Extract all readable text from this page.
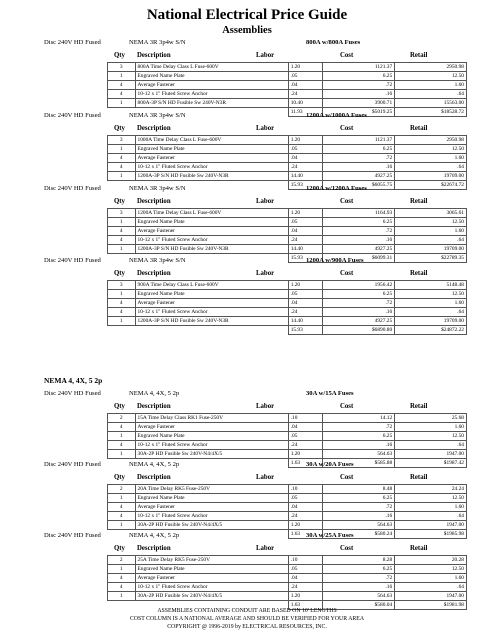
National Electrical Price Guide
Assemblies
Disc 240V HD Fused	NEMA 3R 3p4w S/N	800A w/800A Fuses
Qty Description	Labor	Cost	Retail
3	800A Time Delay Class L Fuse-600V	1.20	1121.37	2950.98
1	Engraved Name Plate	.05	6.25	12.50
4	Average Fastener	.04	.72	1.60
4	10-12 x 1" Fluted Screw Anchor	.24	.16	.64
1	800A-3P S/N HD Fusible Sw 240V-N3R	10.40	3900.71	15563.00
		11.93	$5019.25	$18528.72
Disc 240V HD Fused	NEMA 3R 3p4w S/N	1200A w/1000A Fuses
Qty Description	Labor	Cost	Retail
3	1000A Time Delay Class L Fuse-600V	1.20	1121.37	2950.98
1	Engraved Name Plate	.05	6.25	12.50
4	Average Fastener	.04	.72	1.60
4	10-12 x 1" Fluted Screw Anchor	.24	.16	.64
1	1200A-3P S/N HD Fusible Sw 240V-N3R	14.40	4927.25	19709.00
		15.93	$6055.75	$22674.72
Disc 240V HD Fused	NEMA 3R 3p4w S/N	1200A w/1200A Fuses
Qty Description	Labor	Cost	Retail
3	1200A Time Delay Class L Fuse-600V	1.20	1164.93	3065.61
1	Engraved Name Plate	.05	6.25	12.50
4	Average Fastener	.04	.72	1.60
4	10-12 x 1" Fluted Screw Anchor	.24	.16	.64
1	1200A-3P S/N HD Fusible Sw 240V-N3R	14.40	4927.25	19709.00
		15.93	$6099.31	$22789.35
Disc 240V HD Fused	NEMA 3R 3p4w S/N	1200A w/900A Fuses
Qty Description	Labor	Cost	Retail
3	900A Time Delay Class L Fuse-600V	1.20	1956.42	5148.48
1	Engraved Name Plate	.05	6.25	12.50
4	Average Fastener	.04	.72	1.60
4	10-12 x 1" Fluted Screw Anchor	.24	.16	.64
1	1200A-3P S/N HD Fusible Sw 240V-N3R	14.40	4927.25	19709.00
		15.93	$6890.80	$24872.22
Disc 240V HD Fused	NEMA 4, 4X, 5 2p	30A w/15A Fuses
Qty Description	Labor	Cost	Retail
2	15A Time Delay Class RK1 Fuse-250V	.10	14.12	25.68
4	Average Fastener	.04	.72	1.60
1	Engraved Name Plate	.05	6.25	12.50
4	10-12 x 1" Fluted Screw Anchor	.24	.16	.64
1	30A-2P HD Fusible Sw 240V-N4/4X/5	1.20	564.63	1947.00
		1.63	$585.88	$1987.42
Disc 240V HD Fused	NEMA 4, 4X, 5 2p	30A w/20A Fuses
Qty Description	Labor	Cost	Retail
2	20A Time Delay RK5 Fuse-250V	.10	8.48	24.24
1	Engraved Name Plate	.05	6.25	12.50
4	Average Fastener	.04	.72	1.60
4	10-12 x 1" Fluted Screw Anchor	.24	.16	.64
1	30A-2P HD Fusible Sw 240V-N4/4X/5	1.20	564.63	1947.00
		1.63	$580.24	$1985.98
Disc 240V HD Fused	NEMA 4, 4X, 5 2p	30A w/25A Fuses
Qty Description	Labor	Cost	Retail
2	25A Time Delay RK5 Fuse-250V	.10	8.28	20.28
1	Engraved Name Plate	.05	6.25	12.50
4	Average Fastener	.04	.72	1.60
4	10-12 x 1" Fluted Screw Anchor	.24	.16	.64
1	30A-2P HD Fusible Sw 240V-N4/4X/5	1.20	564.63	1947.00
		1.63	$580.04	$1981.98
NEMA 4, 4X, 5 2p
ASSEMBLIES CONTAINING CONDUIT ARE BASED ON 10' LENGTHS
COST COLUMN IS A NATIONAL AVERAGE AND SHOULD BE VERIFIED FOR YOUR AREA
COPYRIGHT @ 1996-2019 by ELECTRICAL RESOURCES, INC.
